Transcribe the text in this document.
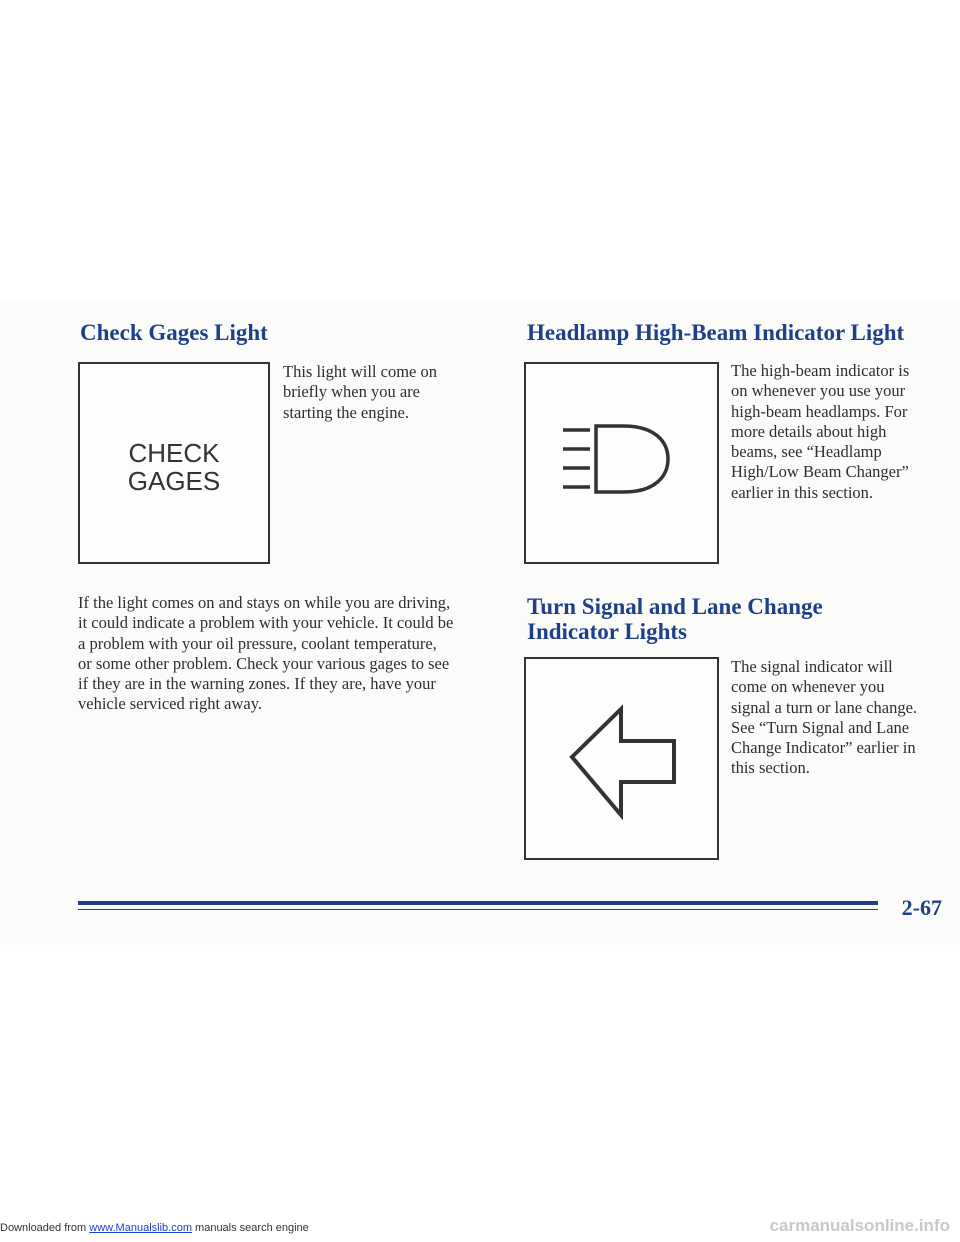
Check Gages Light
CHECK
GAGES

This light will come on
briefly when you are
starting the engine.

If the light comes on and stays on while you are driving,
it could indicate a problem with your vehicle. It could be
a problem with your oil pressure, coolant temperature,
or some other problem. Check your various gages to see
if they are in the warning zones. If they are, have your
vehicle serviced right away.

Headlamp High-Beam Indicator Light

The high-beam indicator is
on whenever you use your
high-beam headlamps. For
more details about high
beams, see “Headlamp
High/Low Beam Changer”
earlier in this section.

Turn Signal and Lane Change
Indicator Lights

The signal indicator will
come on whenever you
signal a turn or lane change.
See “Turn Signal and Lane
Change Indicator” earlier in
this section.

2-67
Downloaded from www.Manualslib.com manuals search engine	carmanualsonline.info
